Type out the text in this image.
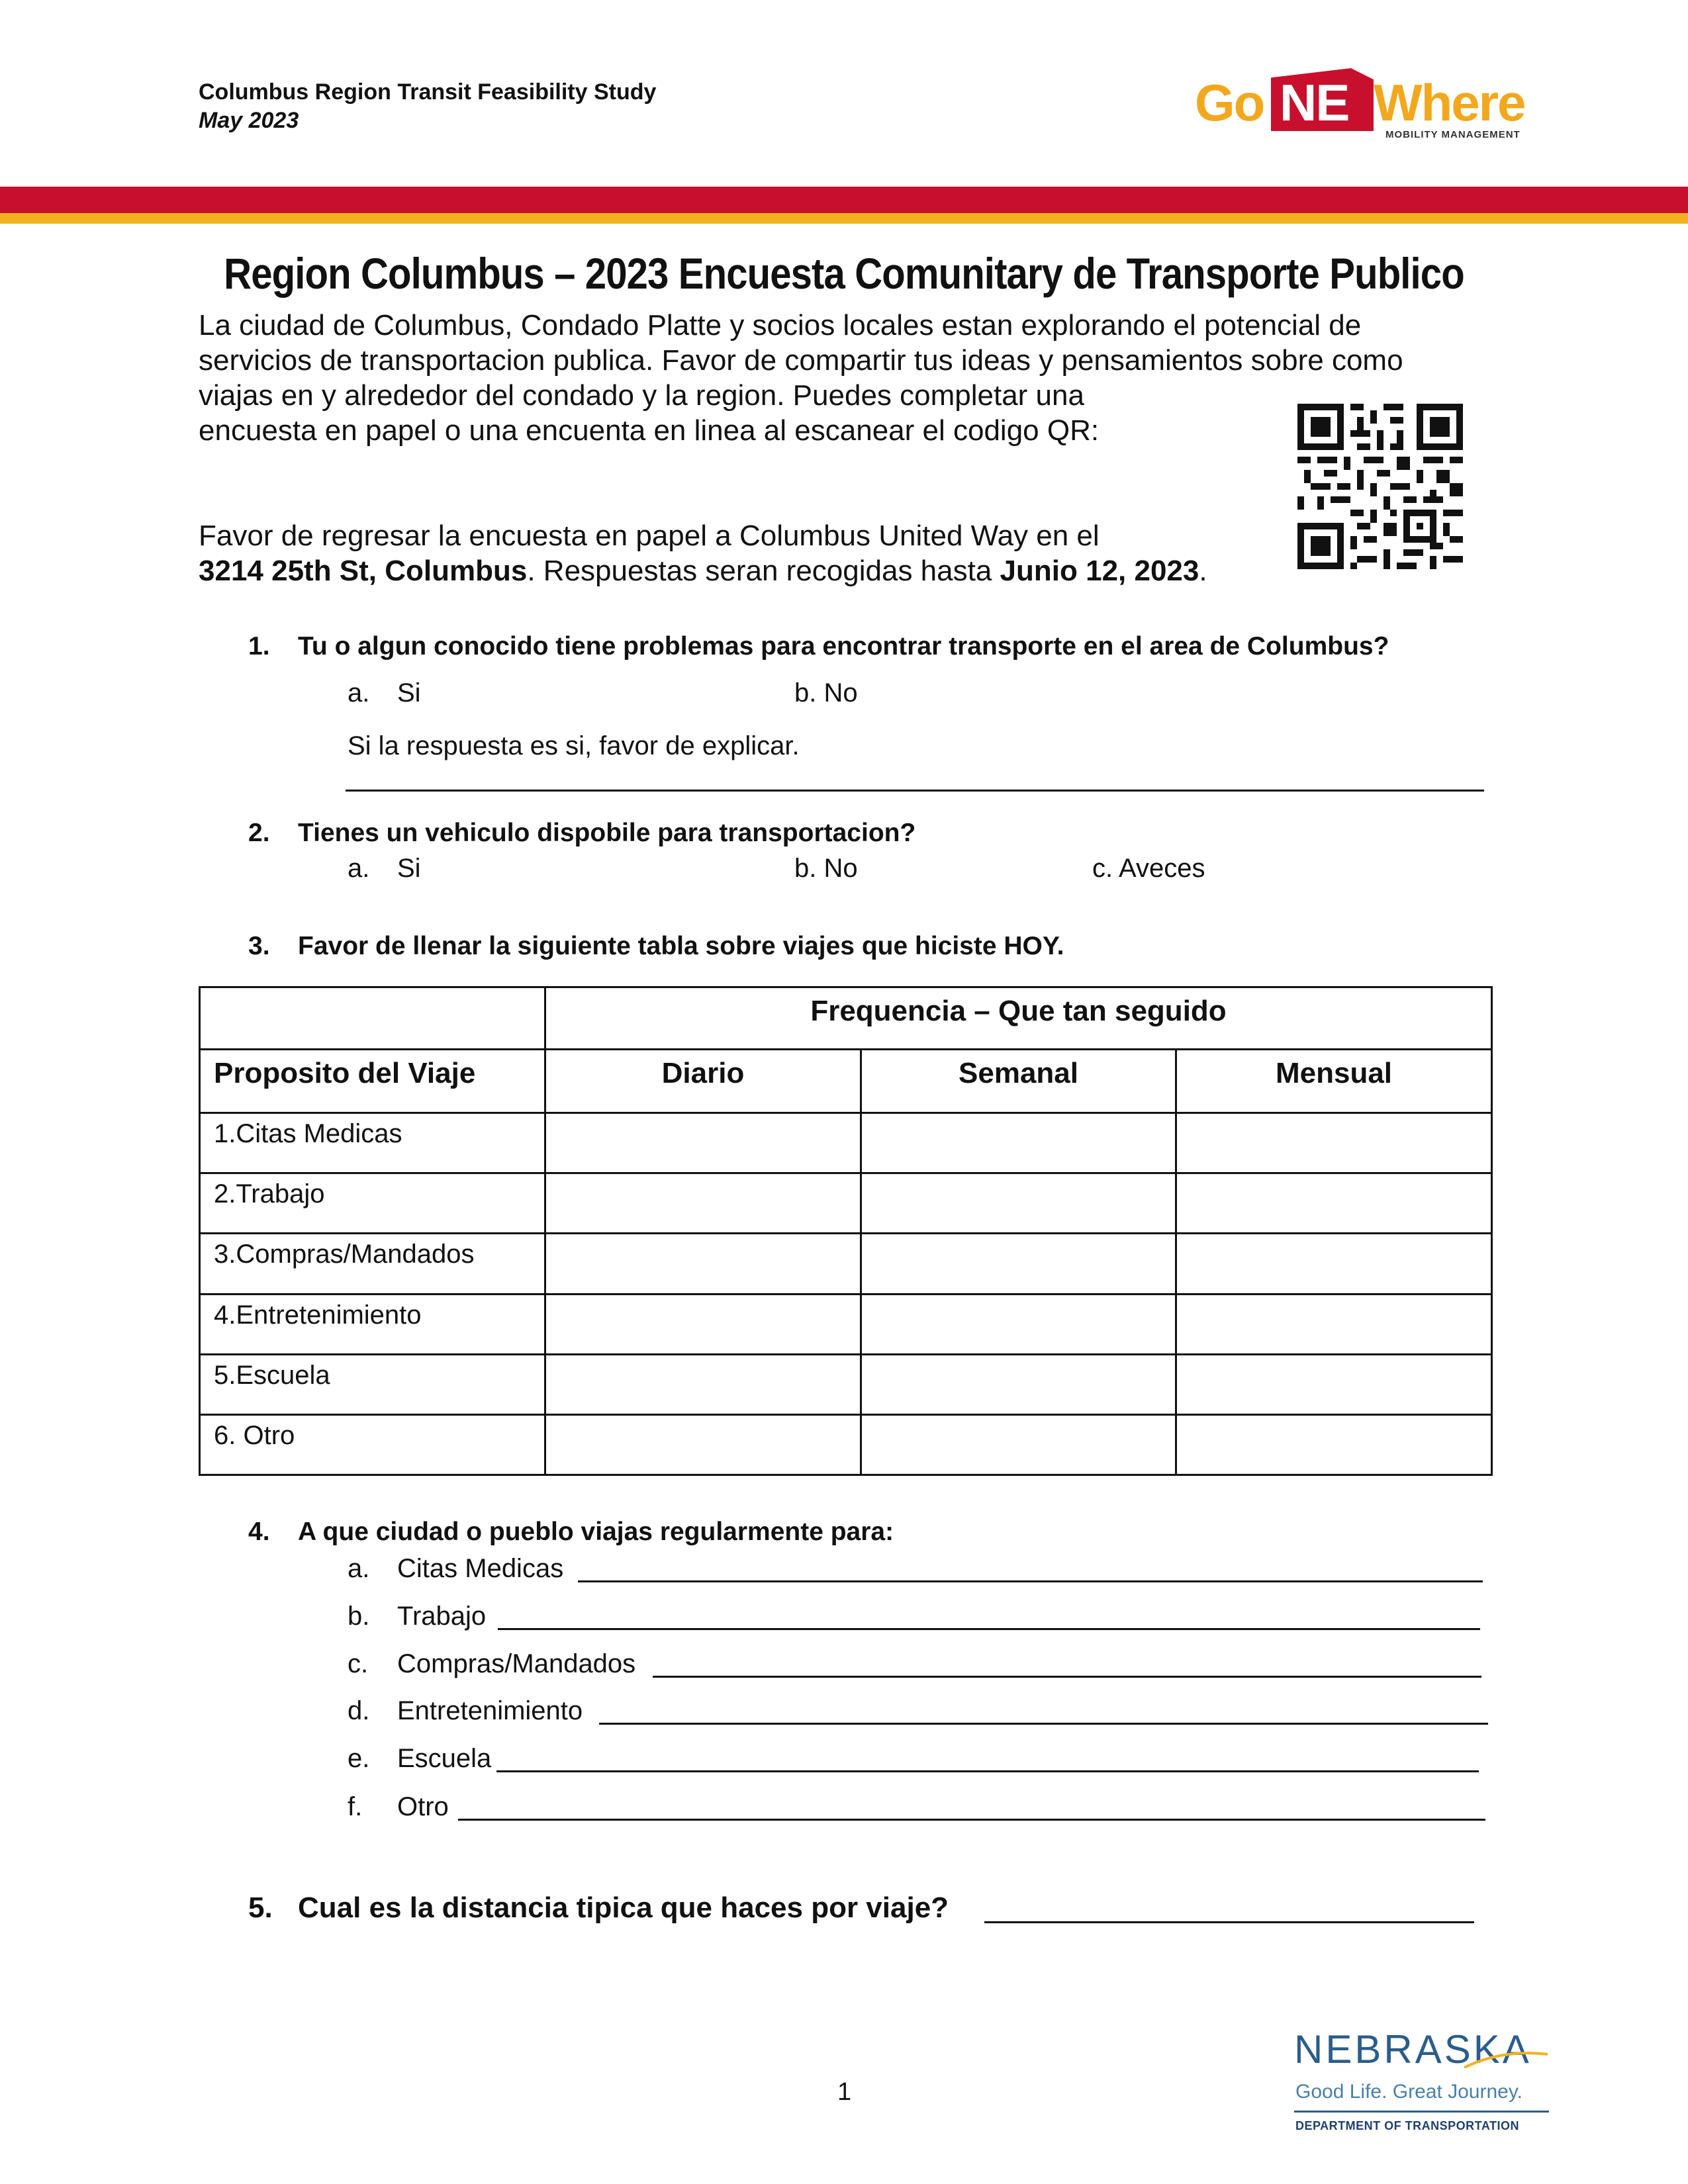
Columbus Region Transit Feasibility Study
May 2023	Go NE Where
MOBILITY MANAGEMENT
Region Columbus – 2023 Encuesta Comunitary de Transporte Publico

La ciudad de Columbus, Condado Platte y socios locales estan explorando el potencial de

servicios de transportacion publica. Favor de compartir tus ideas y pensamientos sobre como

viajas en y alrededor del condado y la region. Puedes completar una

encuesta en papel o una encuenta en linea al escanear el codigo QR:

Favor de regresar la encuesta en papel a Columbus United Way en el

3214 25th St, Columbus. Respuestas seran recogidas hasta Junio 12, 2023.

1. Tu o algun conocido tiene problemas para encontrar transporte en el area de Columbus?
a. Si	b. No
Si la respuesta es si, favor de explicar.
2. Tienes un vehiculo dispobile para transportacion?
a. Si	b. No	c. Aveces
3. Favor de llenar la siguiente tabla sobre viajes que hiciste HOY.
	Frequencia – Que tan seguido		
Proposito del Viaje	Diario	Semanal	Mensual
1.Citas Medicas			
2.Trabajo			
3.Compras/Mandados			
4.Entretenimiento			
5.Escuela			
6. Otro			
4. A que ciudad o pueblo viajas regularmente para:
a. Citas Medicas
b. Trabajo
c. Compras/Mandados
d. Entretenimiento
e. Escuela
f. Otro
5. Cual es la distancia tipica que haces por viaje?
1
NEBRASKA
Good Life. Great Journey.
DEPARTMENT OF TRANSPORTATION
